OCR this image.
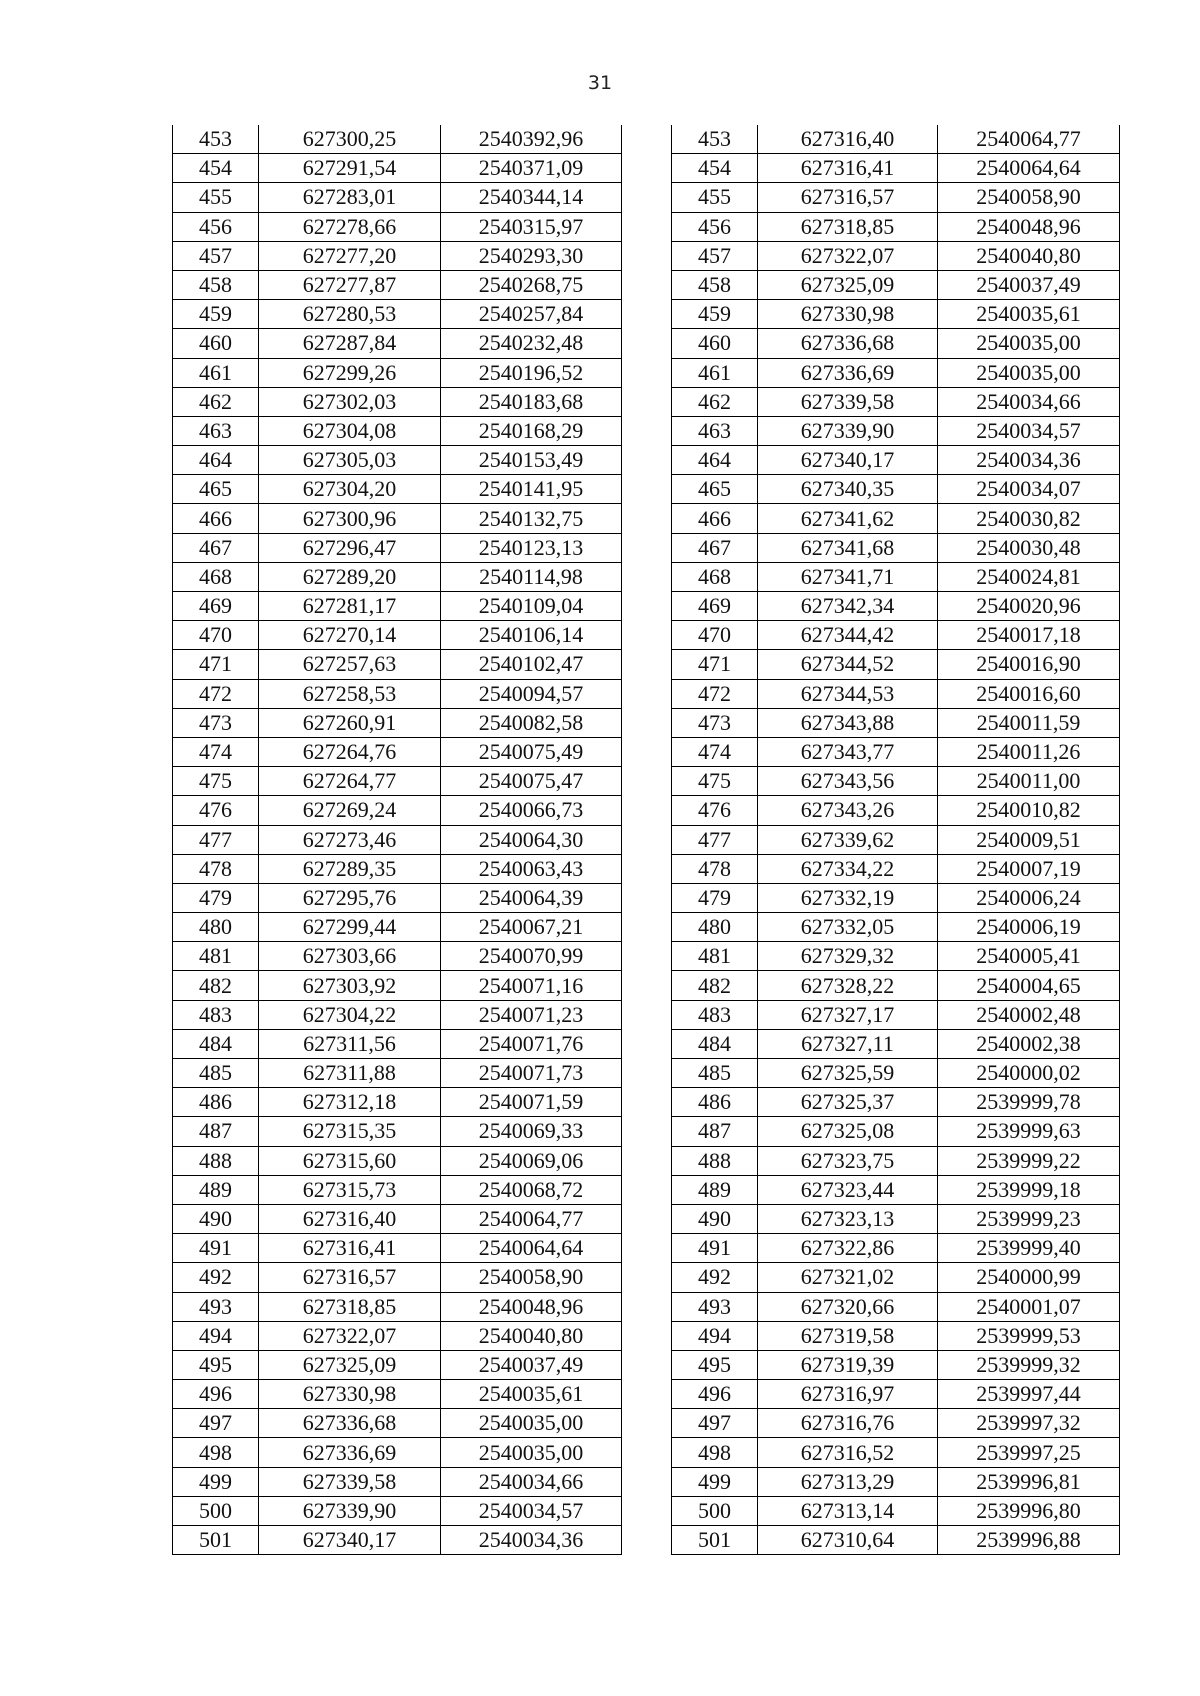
31
453	627300,25	2540392,96		453	627316,40	2540064,77
454	627291,54	2540371,09		454	627316,41	2540064,64
455	627283,01	2540344,14		455	627316,57	2540058,90
456	627278,66	2540315,97		456	627318,85	2540048,96
457	627277,20	2540293,30		457	627322,07	2540040,80
458	627277,87	2540268,75		458	627325,09	2540037,49
459	627280,53	2540257,84		459	627330,98	2540035,61
460	627287,84	2540232,48		460	627336,68	2540035,00
461	627299,26	2540196,52		461	627336,69	2540035,00
462	627302,03	2540183,68		462	627339,58	2540034,66
463	627304,08	2540168,29		463	627339,90	2540034,57
464	627305,03	2540153,49		464	627340,17	2540034,36
465	627304,20	2540141,95		465	627340,35	2540034,07
466	627300,96	2540132,75		466	627341,62	2540030,82
467	627296,47	2540123,13		467	627341,68	2540030,48
468	627289,20	2540114,98		468	627341,71	2540024,81
469	627281,17	2540109,04		469	627342,34	2540020,96
470	627270,14	2540106,14		470	627344,42	2540017,18
471	627257,63	2540102,47		471	627344,52	2540016,90
472	627258,53	2540094,57		472	627344,53	2540016,60
473	627260,91	2540082,58		473	627343,88	2540011,59
474	627264,76	2540075,49		474	627343,77	2540011,26
475	627264,77	2540075,47		475	627343,56	2540011,00
476	627269,24	2540066,73		476	627343,26	2540010,82
477	627273,46	2540064,30		477	627339,62	2540009,51
478	627289,35	2540063,43		478	627334,22	2540007,19
479	627295,76	2540064,39		479	627332,19	2540006,24
480	627299,44	2540067,21		480	627332,05	2540006,19
481	627303,66	2540070,99		481	627329,32	2540005,41
482	627303,92	2540071,16		482	627328,22	2540004,65
483	627304,22	2540071,23		483	627327,17	2540002,48
484	627311,56	2540071,76		484	627327,11	2540002,38
485	627311,88	2540071,73		485	627325,59	2540000,02
486	627312,18	2540071,59		486	627325,37	2539999,78
487	627315,35	2540069,33		487	627325,08	2539999,63
488	627315,60	2540069,06		488	627323,75	2539999,22
489	627315,73	2540068,72		489	627323,44	2539999,18
490	627316,40	2540064,77		490	627323,13	2539999,23
491	627316,41	2540064,64		491	627322,86	2539999,40
492	627316,57	2540058,90		492	627321,02	2540000,99
493	627318,85	2540048,96		493	627320,66	2540001,07
494	627322,07	2540040,80		494	627319,58	2539999,53
495	627325,09	2540037,49		495	627319,39	2539999,32
496	627330,98	2540035,61		496	627316,97	2539997,44
497	627336,68	2540035,00		497	627316,76	2539997,32
498	627336,69	2540035,00		498	627316,52	2539997,25
499	627339,58	2540034,66		499	627313,29	2539996,81
500	627339,90	2540034,57		500	627313,14	2539996,80
501	627340,17	2540034,36		501	627310,64	2539996,88
